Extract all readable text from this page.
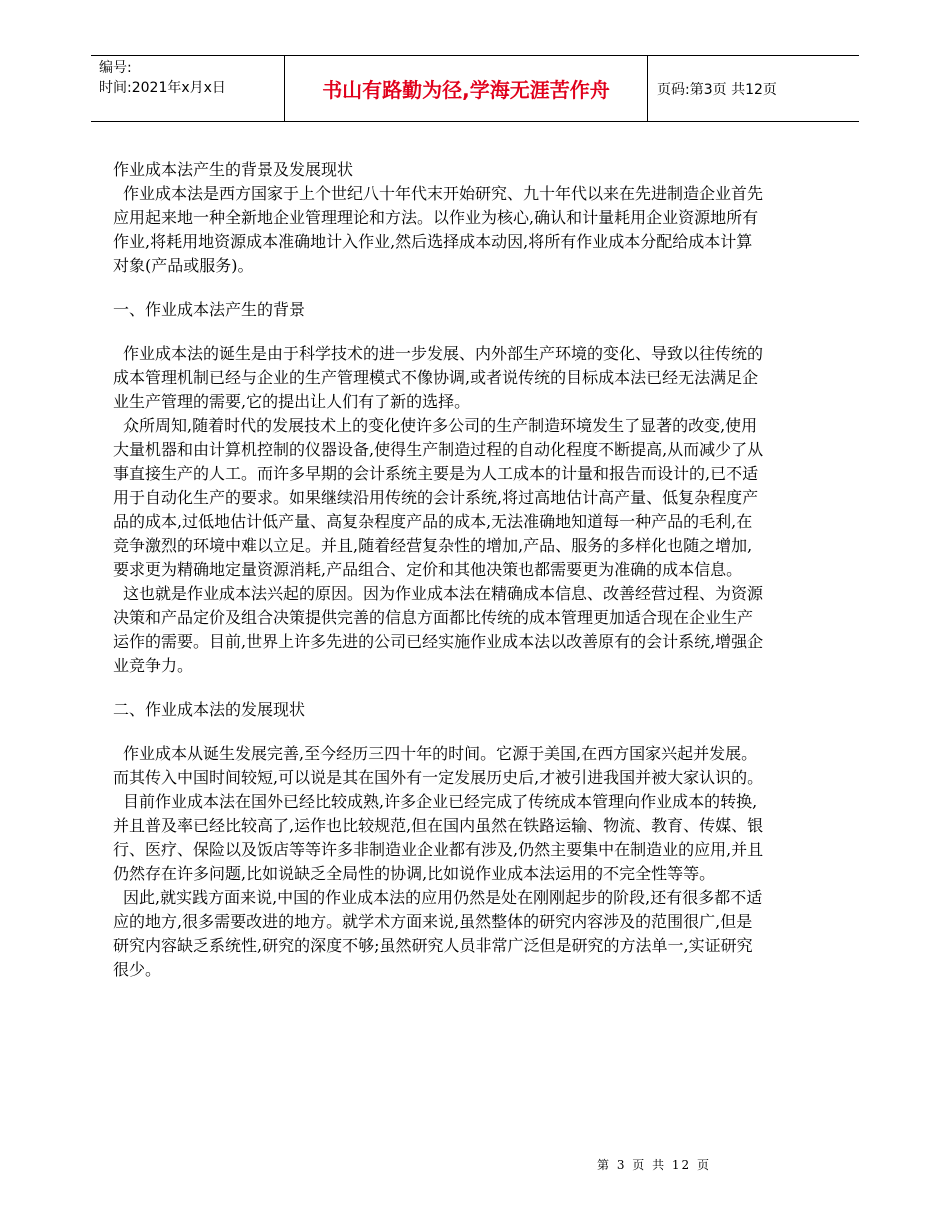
编号:
时间:2021年x月x日	书山有路勤为径,学海无涯苦作舟	页码:第3页 共12页

作业成本法产生的背景及发展现状

作业成本法是西方国家于上个世纪八十年代末开始研究、九十年代以来在先进制造企业首先应用起来地一种全新地企业管理理论和方法。以作业为核心,确认和计量耗用企业资源地所有作业,将耗用地资源成本准确地计入作业,然后选择成本动因,将所有作业成本分配给成本计算对象(产品或服务)。

一、作业成本法产生的背景

作业成本法的诞生是由于科学技术的进一步发展、内外部生产环境的变化、导致以往传统的成本管理机制已经与企业的生产管理模式不像协调,或者说传统的目标成本法已经无法满足企业生产管理的需要,它的提出让人们有了新的选择。

众所周知,随着时代的发展技术上的变化使许多公司的生产制造环境发生了显著的改变,使用大量机器和由计算机控制的仪器设备,使得生产制造过程的自动化程度不断提高,从而减少了从事直接生产的人工。而许多早期的会计系统主要是为人工成本的计量和报告而设计的,已不适用于自动化生产的要求。如果继续沿用传统的会计系统,将过高地估计高产量、低复杂程度产品的成本,过低地估计低产量、高复杂程度产品的成本,无法准确地知道每一种产品的毛利,在竞争激烈的环境中难以立足。并且,随着经营复杂性的增加,产品、服务的多样化也随之增加,要求更为精确地定量资源消耗,产品组合、定价和其他决策也都需要更为准确的成本信息。

这也就是作业成本法兴起的原因。因为作业成本法在精确成本信息、改善经营过程、为资源决策和产品定价及组合决策提供完善的信息方面都比传统的成本管理更加适合现在企业生产运作的需要。目前,世界上许多先进的公司已经实施作业成本法以改善原有的会计系统,增强企业竞争力。

二、作业成本法的发展现状

作业成本从诞生发展完善,至今经历三四十年的时间。它源于美国,在西方国家兴起并发展。而其传入中国时间较短,可以说是其在国外有一定发展历史后,才被引进我国并被大家认识的。

目前作业成本法在国外已经比较成熟,许多企业已经完成了传统成本管理向作业成本的转换,并且普及率已经比较高了,运作也比较规范,但在国内虽然在铁路运输、物流、教育、传媒、银行、医疗、保险以及饭店等等许多非制造业企业都有涉及,仍然主要集中在制造业的应用,并且仍然存在许多问题,比如说缺乏全局性的协调,比如说作业成本法运用的不完全性等等。

因此,就实践方面来说,中国的作业成本法的应用仍然是处在刚刚起步的阶段,还有很多都不适应的地方,很多需要改进的地方。就学术方面来说,虽然整体的研究内容涉及的范围很广,但是研究内容缺乏系统性,研究的深度不够;虽然研究人员非常广泛但是研究的方法单一,实证研究很少。

第 3 页 共 12 页
